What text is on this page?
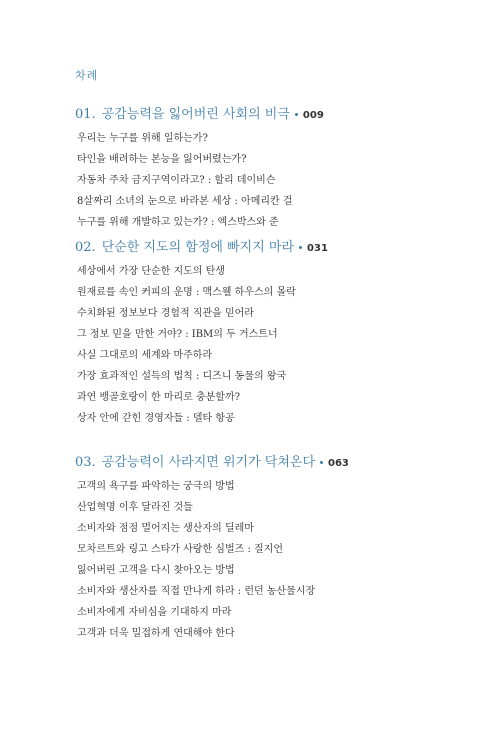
차례
01. 공감능력을 잃어버린 사회의 비극 009
우리는 누구를 위해 일하는가?
타인을 배려하는 본능을 잃어버렸는가?
자동차 주차 금지구역이라고? : 할리 데이비슨
8살짜리 소녀의 눈으로 바라본 세상 : 아메리칸 걸
누구를 위해 개발하고 있는가? : 엑스박스와 준
02. 단순한 지도의 함정에 빠지지 마라 031
세상에서 가장 단순한 지도의 탄생
원재료를 속인 커피의 운명 : 맥스웰 하우스의 몰락
수치화된 정보보다 경험적 직관을 믿어라
그 정보 믿을 만한 거야? : IBM의 두 거스트너
사실 그대로의 세계와 마주하라
가장 효과적인 설득의 법칙 : 디즈니 동물의 왕국
과연 뱅골호랑이 한 마리로 충분할까?
상자 안에 갇힌 경영자들 : 델타 항공
03. 공감능력이 사라지면 위기가 닥쳐온다 063
고객의 욕구를 파악하는 궁극의 방법
산업혁명 이후 달라진 것들
소비자와 점점 멀어지는 생산자의 딜레마
모차르트와 링고 스타가 사랑한 심벌즈 : 질지언
잃어버린 고객을 다시 찾아오는 방법
소비자와 생산자를 직접 만나게 하라 : 런던 농산물시장
소비자에게 자비심을 기대하지 마라
고객과 더욱 밀접하게 연대해야 한다
